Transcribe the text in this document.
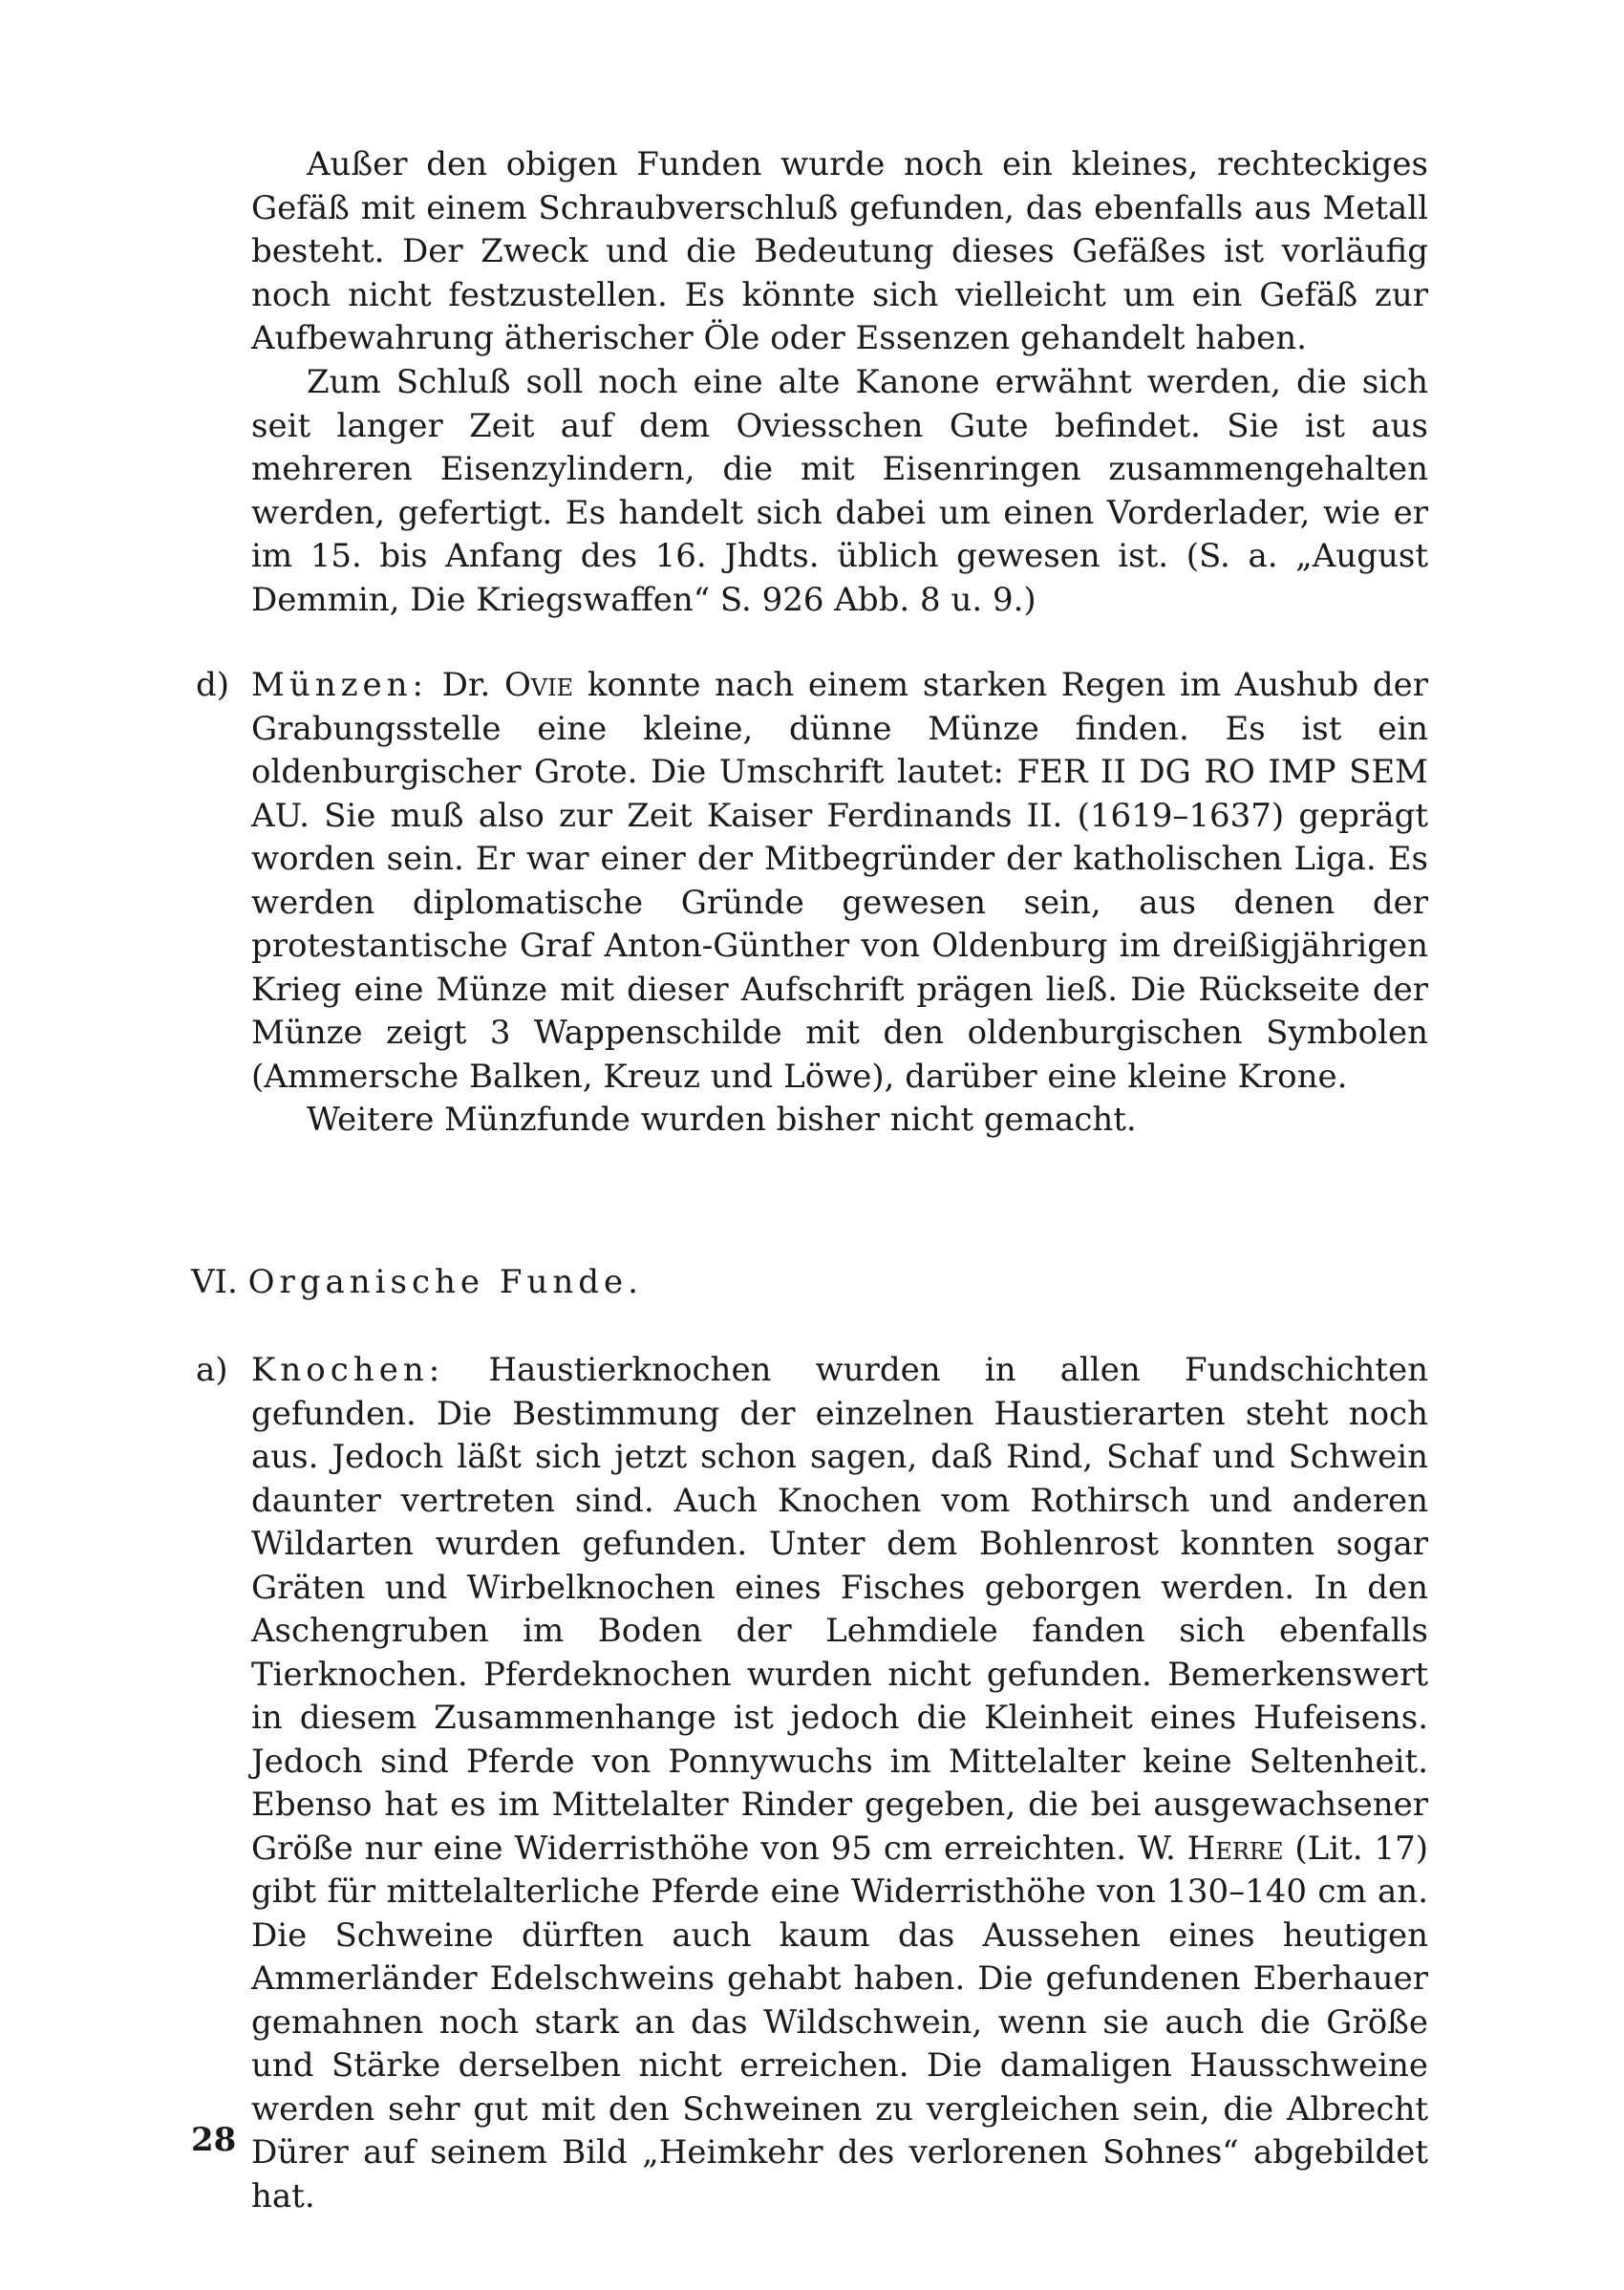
Außer den obigen Funden wurde noch ein kleines, rechteckiges Gefäß mit einem Schraubverschluß gefunden, das ebenfalls aus Metall besteht. Der Zweck und die Bedeutung dieses Gefäßes ist vorläufig noch nicht festzustellen. Es könnte sich vielleicht um ein Gefäß zur Aufbewahrung ätherischer Öle oder Essenzen gehandelt haben.

Zum Schluß soll noch eine alte Kanone erwähnt werden, die sich seit langer Zeit auf dem Oviesschen Gute befindet. Sie ist aus mehreren Eisenzylindern, die mit Eisenringen zusammengehalten werden, gefertigt. Es handelt sich dabei um einen Vorderlader, wie er im 15. bis Anfang des 16. Jhdts. üblich gewesen ist. (S. a. „August Demmin, Die Kriegswaffen“ S. 926 Abb. 8 u. 9.)

d) Münzen: Dr. Ovie konnte nach einem starken Regen im Aushub der Grabungsstelle eine kleine, dünne Münze finden. Es ist ein oldenburgischer Grote. Die Umschrift lautet: FER II DG RO IMP SEM AU. Sie muß also zur Zeit Kaiser Ferdinands II. (1619–1637) geprägt worden sein. Er war einer der Mitbegründer der katholischen Liga. Es werden diplomatische Gründe gewesen sein, aus denen der protestantische Graf Anton-Günther von Oldenburg im dreißigjährigen Krieg eine Münze mit dieser Aufschrift prägen ließ. Die Rückseite der Münze zeigt 3 Wappenschilde mit den oldenburgischen Symbolen (Ammersche Balken, Kreuz und Löwe), darüber eine kleine Krone.

Weitere Münzfunde wurden bisher nicht gemacht.

VI. Organische Funde.
a) Knochen: Haustierknochen wurden in allen Fundschichten gefunden. Die Bestimmung der einzelnen Haustierarten steht noch aus. Jedoch läßt sich jetzt schon sagen, daß Rind, Schaf und Schwein daunter vertreten sind. Auch Knochen vom Rothirsch und anderen Wildarten wurden gefunden. Unter dem Bohlenrost konnten sogar Gräten und Wirbelknochen eines Fisches geborgen werden. In den Aschengruben im Boden der Lehmdiele fanden sich ebenfalls Tierknochen. Pferdeknochen wurden nicht gefunden. Bemerkenswert in diesem Zusammenhange ist jedoch die Kleinheit eines Hufeisens. Jedoch sind Pferde von Ponnywuchs im Mittelalter keine Seltenheit. Ebenso hat es im Mittelalter Rinder gegeben, die bei ausgewachsener Größe nur eine Widerristhöhe von 95 cm erreichten. W. Herre (Lit. 17) gibt für mittelalterliche Pferde eine Widerristhöhe von 130–140 cm an. Die Schweine dürften auch kaum das Aussehen eines heutigen Ammerländer Edelschweins gehabt haben. Die gefundenen Eberhauer gemahnen noch stark an das Wildschwein, wenn sie auch die Größe und Stärke derselben nicht erreichen. Die damaligen Hausschweine werden sehr gut mit den Schweinen zu vergleichen sein, die Albrecht Dürer auf seinem Bild „Heimkehr des verlorenen Sohnes“ abgebildet hat.

28
